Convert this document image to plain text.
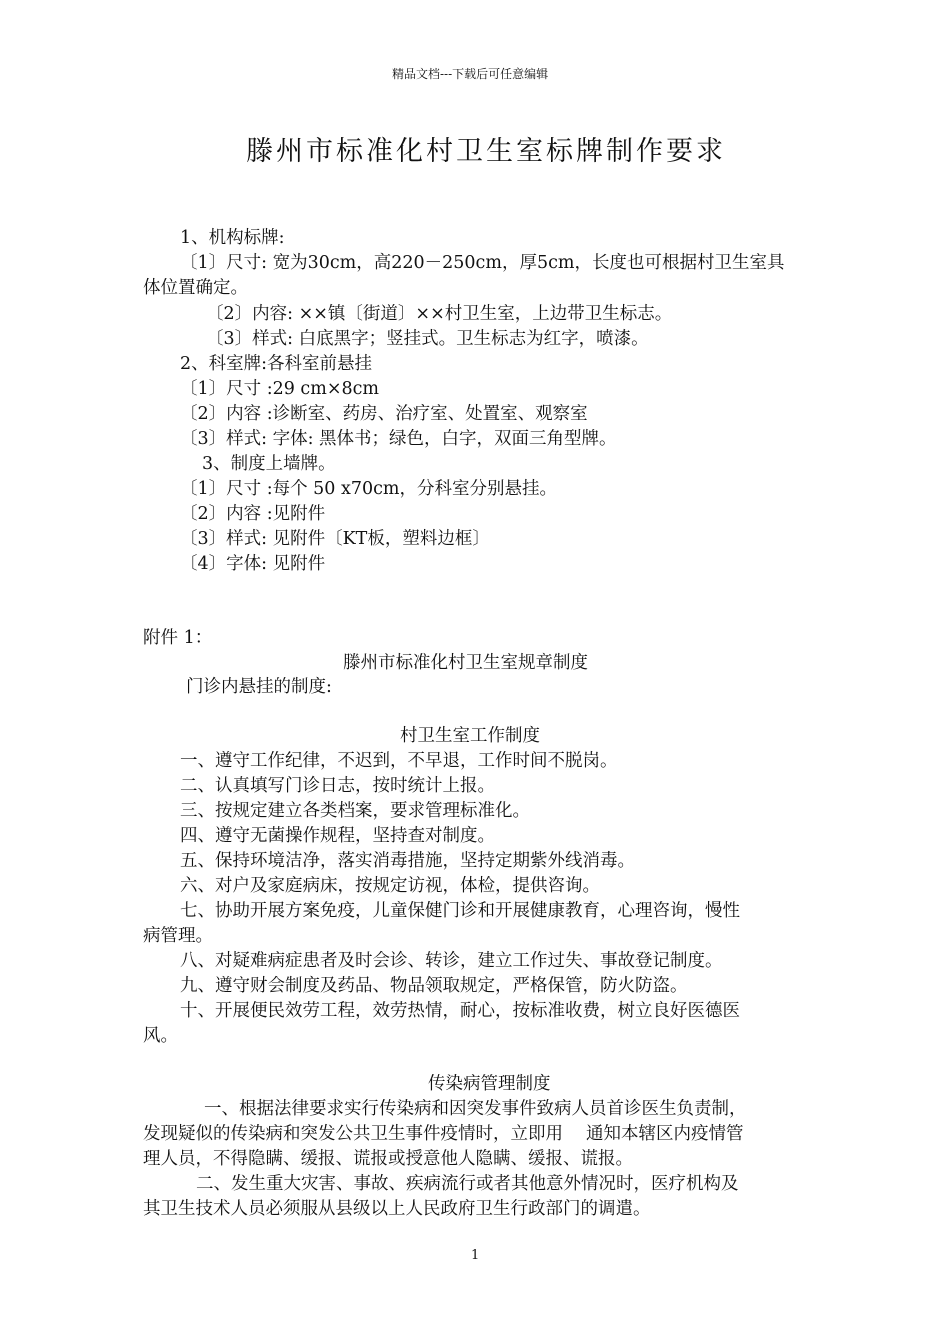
精品文档---下载后可任意编辑
滕州市标准化村卫生室标牌制作要求
1、机构标牌:
〔1〕尺寸: 宽为30cm，高220－250cm，厚5cm，长度也可根据村卫生室具
体位置确定。
〔2〕内容: ××镇〔街道〕××村卫生室，上边带卫生标志。
〔3〕样式: 白底黑字；竖挂式。卫生标志为红字，喷漆。
2、科室牌:各科室前悬挂
〔1〕尺寸 :29 cm×8cm
〔2〕内容 :诊断室、药房、治疗室、处置室、观察室
〔3〕样式: 字体: 黑体书；绿色，白字，双面三角型牌。
3、制度上墙牌。
〔1〕尺寸 :每个 50 x70cm，分科室分别悬挂。
〔2〕内容 :见附件
〔3〕样式: 见附件〔KT板，塑料边框〕
〔4〕字体: 见附件
附件 1：
滕州市标准化村卫生室规章制度
门诊内悬挂的制度:
村卫生室工作制度
一、遵守工作纪律，不迟到，不早退，工作时间不脱岗。
二、认真填写门诊日志，按时统计上报。
三、按规定建立各类档案，要求管理标准化。
四、遵守无菌操作规程，坚持查对制度。
五、保持环境洁净，落实消毒措施，坚持定期紫外线消毒。
六、对户及家庭病床，按规定访视，体检，提供咨询。
七、协助开展方案免疫，儿童保健门诊和开展健康教育，心理咨询，慢性
病管理。
八、对疑难病症患者及时会诊、转诊，建立工作过失、事故登记制度。
九、遵守财会制度及药品、物品领取规定，严格保管，防火防盗。
十、开展便民效劳工程，效劳热情，耐心，按标准收费，树立良好医德医
风。
传染病管理制度
一、根据法律要求实行传染病和因突发事件致病人员首诊医生负责制，
发现疑似的传染病和突发公共卫生事件疫情时，立即用　 通知本辖区内疫情管
理人员，不得隐瞒、缓报、谎报或授意他人隐瞒、缓报、谎报。
二、发生重大灾害、事故、疾病流行或者其他意外情况时，医疗机构及
其卫生技术人员必须服从县级以上人民政府卫生行政部门的调遣。
1
